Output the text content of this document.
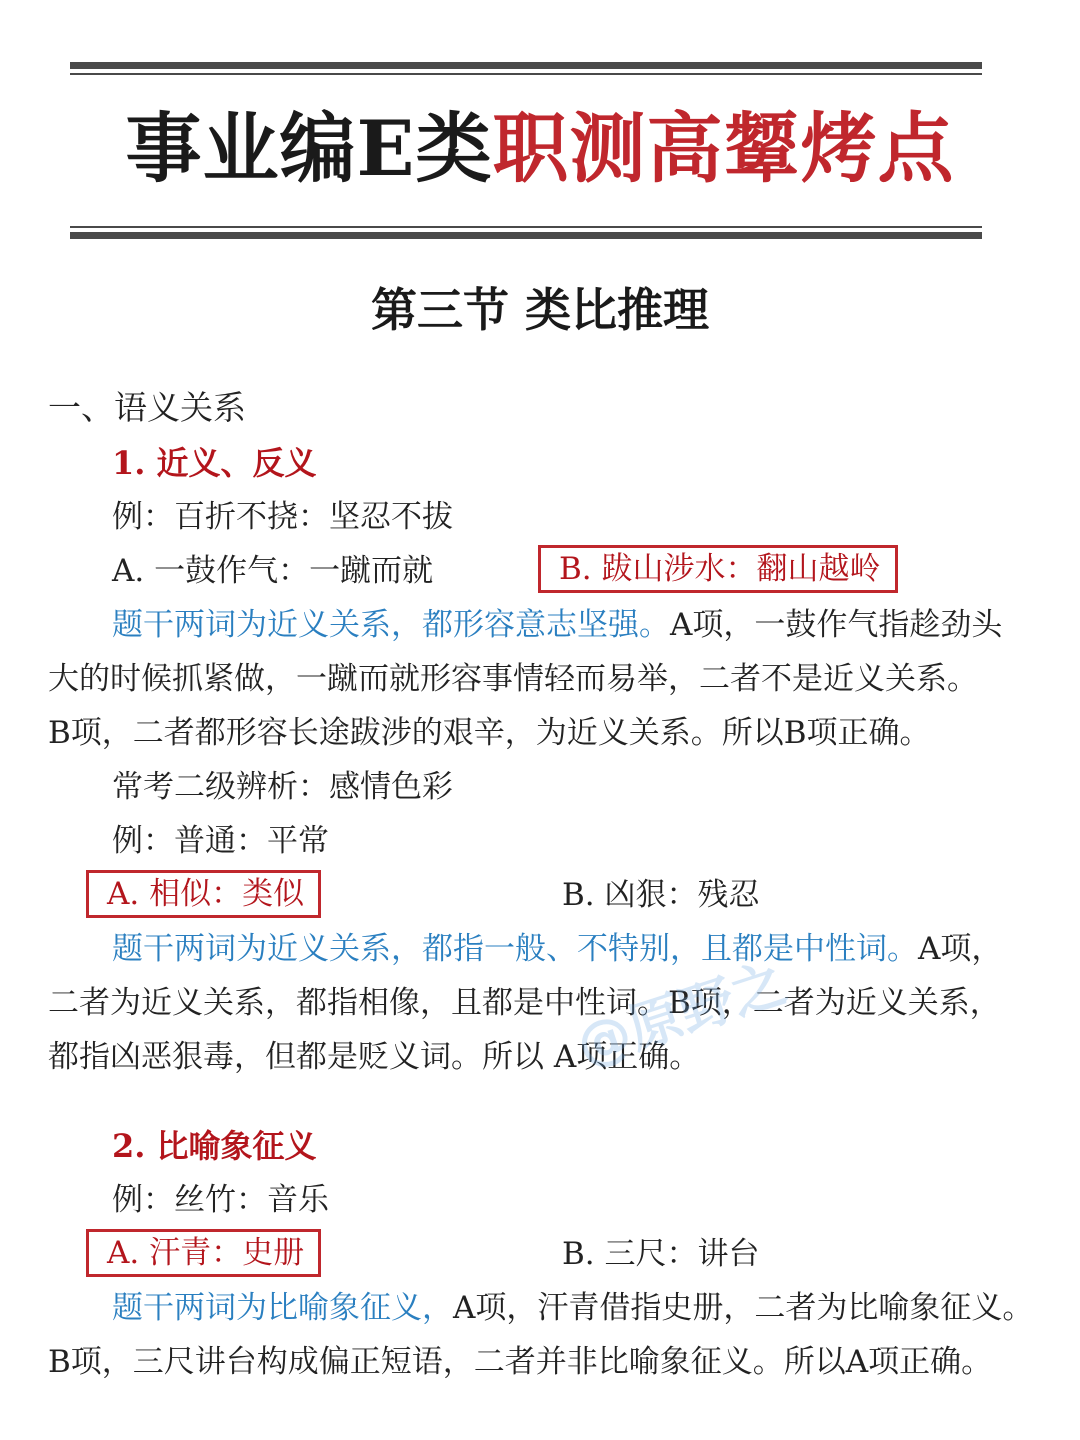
事业编E类职测高颦烤点
第三节 类比推理
一、语义关系
1. 近义、反义
例：百折不挠：坚忍不拔
A. 一鼓作气：一蹴而就	B. 跋山涉水：翻山越岭
题干两词为近义关系，都形容意志坚强。A项，一鼓作气指趁劲头
大的时候抓紧做，一蹴而就形容事情轻而易举，二者不是近义关系。
B项，二者都形容长途跋涉的艰辛，为近义关系。所以B项正确。
常考二级辨析：感情色彩
例：普通：平常
A. 相似：类似	B. 凶狠：残忍
题干两词为近义关系，都指一般、不特别，且都是中性词。A项，
二者为近义关系，都指相像，且都是中性词。B项，二者为近义关系，
都指凶恶狠毒，但都是贬义词。所以 A项正确。
2. 比喻象征义
例：丝竹：音乐
A. 汗青：史册	B. 三尺：讲台
题干两词为比喻象征义，A项，汗青借指史册，二者为比喻象征义。
B项，三尺讲台构成偏正短语，二者并非比喻象征义。所以A项正确。
@原野之
